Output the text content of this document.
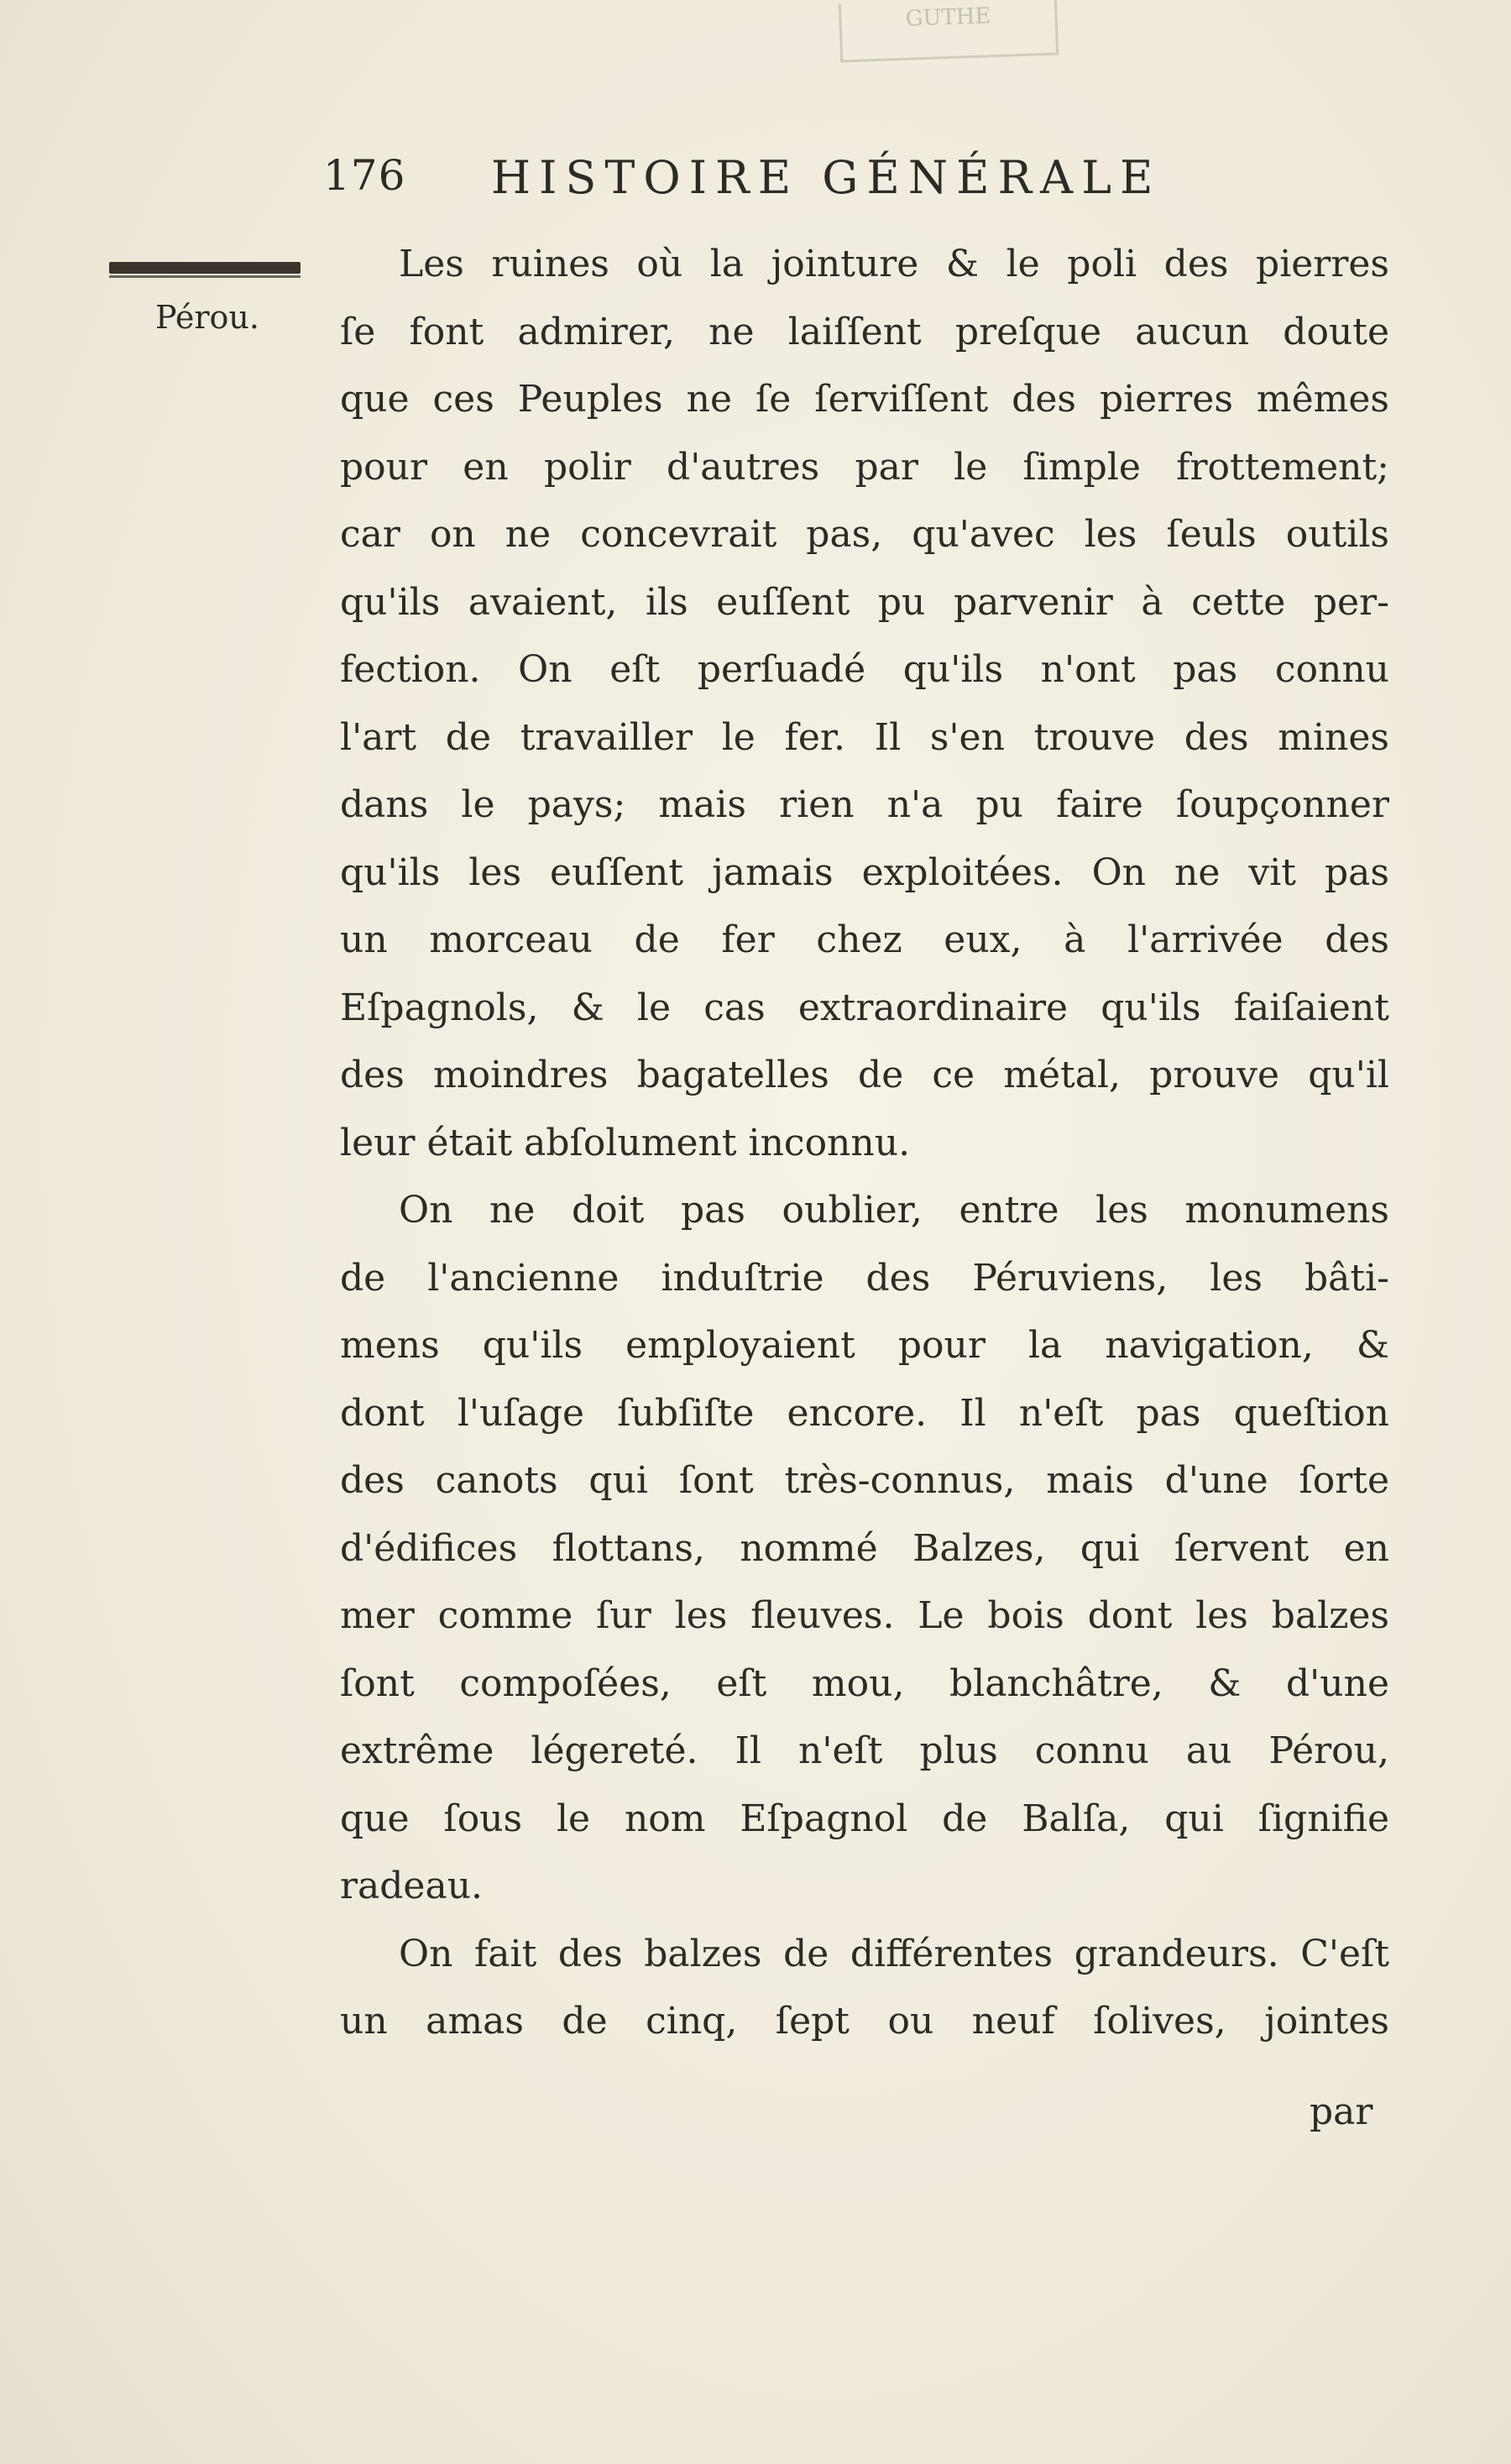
GUTHE
176 HISTOIRE GÉNÉRALE
Pérou.
Les ruines où la jointure & le poli des pierres
ſe font admirer, ne laiſſent preſque aucun doute
que ces Peuples ne ſe ſerviſſent des pierres mêmes
pour en polir d'autres par le ſimple frottement;
car on ne concevrait pas, qu'avec les ſeuls outils
qu'ils avaient, ils euſſent pu parvenir à cette per-
fection. On eſt perſuadé qu'ils n'ont pas connu
l'art de travailler le fer. Il s'en trouve des mines
dans le pays; mais rien n'a pu faire ſoupçonner
qu'ils les euſſent jamais exploitées. On ne vit pas
un morceau de fer chez eux, à l'arrivée des
Eſpagnols, & le cas extraordinaire qu'ils faiſaient
des moindres bagatelles de ce métal, prouve qu'il
leur était abſolument inconnu.
On ne doit pas oublier, entre les monumens
de l'ancienne induſtrie des Péruviens, les bâti-
mens qu'ils employaient pour la navigation, &
dont l'uſage ſubſiſte encore. Il n'eſt pas queſtion
des canots qui ſont très-connus, mais d'une ſorte
d'édifices flottans, nommé Balzes, qui ſervent en
mer comme ſur les fleuves. Le bois dont les balzes
ſont compoſées, eſt mou, blanchâtre, & d'une
extrême légereté. Il n'eſt plus connu au Pérou,
que ſous le nom Eſpagnol de Balſa, qui ſignifie
radeau.
On fait des balzes de différentes grandeurs. C'eſt
un amas de cinq, ſept ou neuf ſolives, jointes
par
